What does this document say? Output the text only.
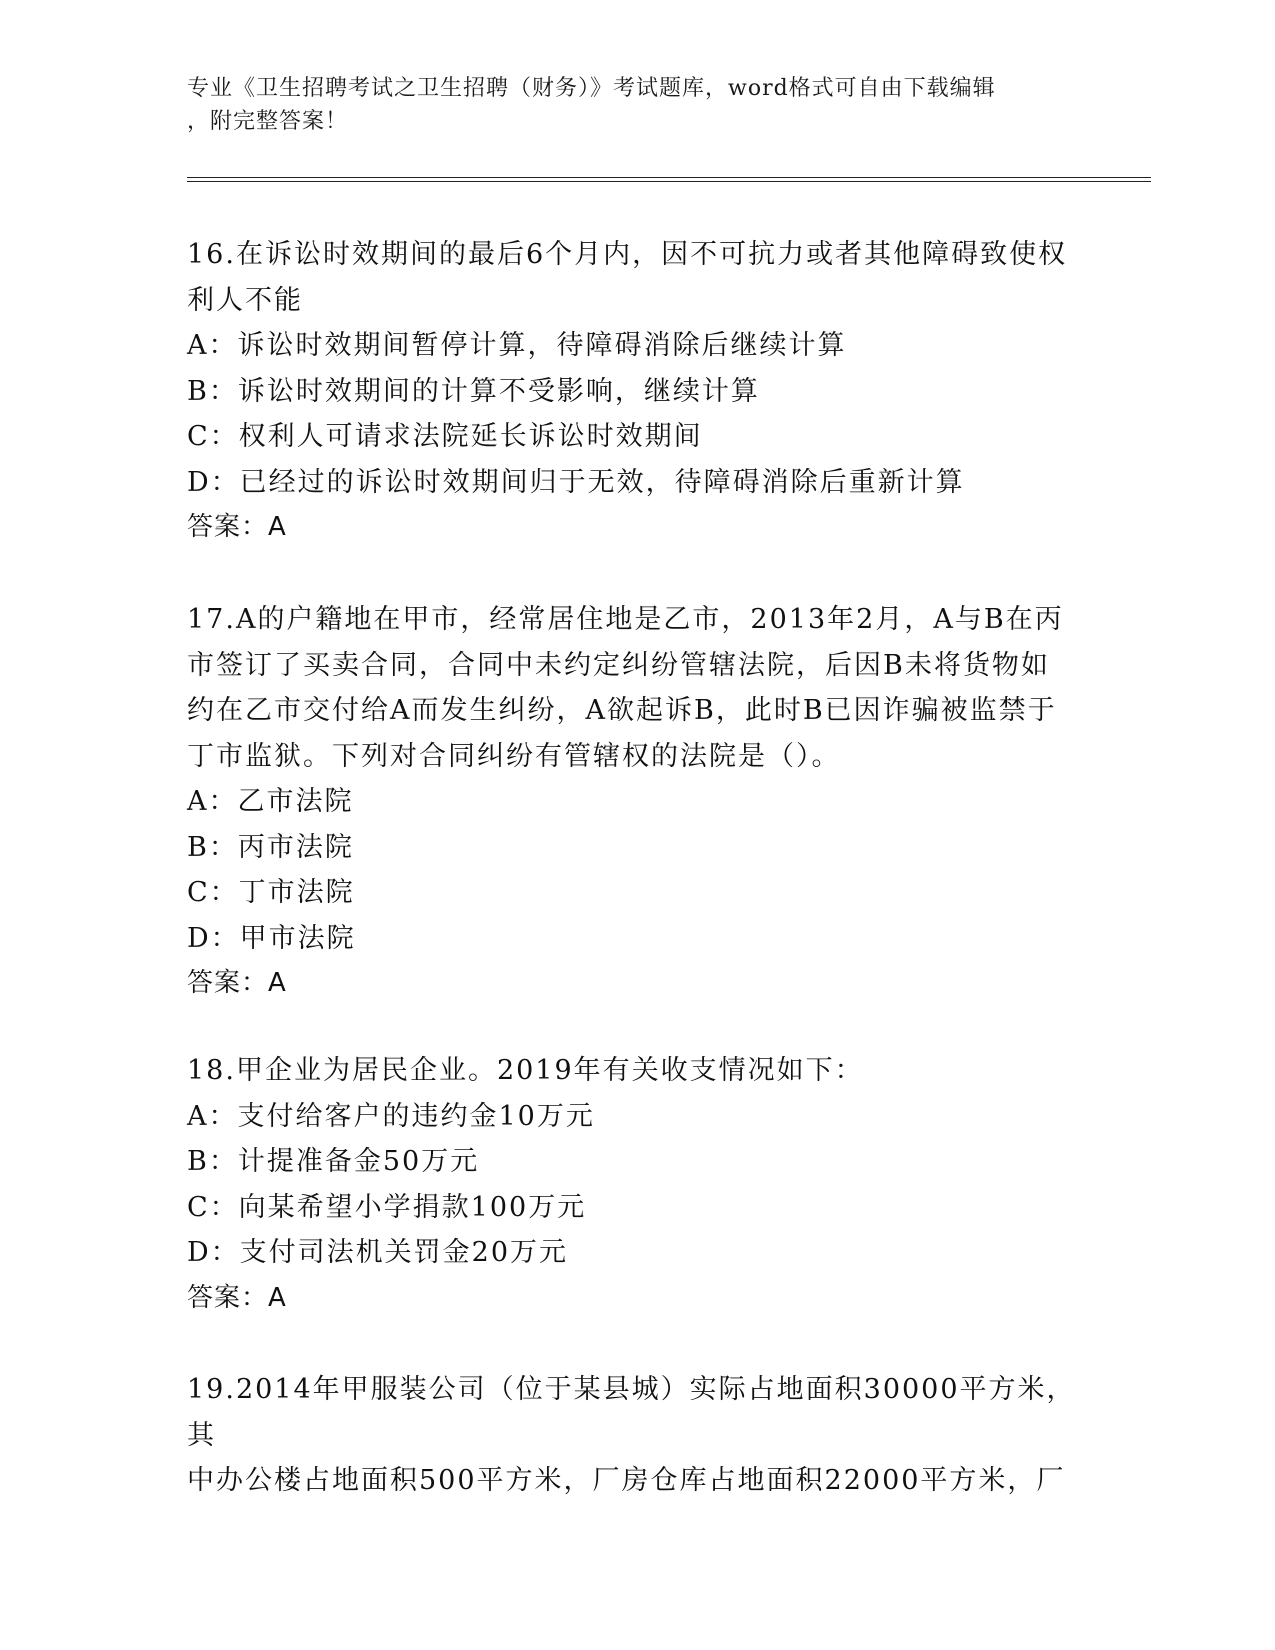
专业《卫生招聘考试之卫生招聘（财务）》考试题库，word格式可自由下载编辑
，附完整答案！
16.在诉讼时效期间的最后6个月内，因不可抗力或者其他障碍致使权
利人不能
A：诉讼时效期间暂停计算，待障碍消除后继续计算
B：诉讼时效期间的计算不受影响，继续计算
C：权利人可请求法院延长诉讼时效期间
D：已经过的诉讼时效期间归于无效，待障碍消除后重新计算
答案：A
17.A的户籍地在甲市，经常居住地是乙市，2013年2月，A与B在丙
市签订了买卖合同，合同中未约定纠纷管辖法院，后因B未将货物如
约在乙市交付给A而发生纠纷，A欲起诉B，此时B已因诈骗被监禁于
丁市监狱。下列对合同纠纷有管辖权的法院是（）。
A：乙市法院
B：丙市法院
C：丁市法院
D：甲市法院
答案：A
18.甲企业为居民企业。2019年有关收支情况如下：
A：支付给客户的违约金10万元
B：计提准备金50万元
C：向某希望小学捐款100万元
D：支付司法机关罚金20万元
答案：A
19.2014年甲服装公司（位于某县城）实际占地面积30000平方米，其
中办公楼占地面积500平方米，厂房仓库占地面积22000平方米，厂
